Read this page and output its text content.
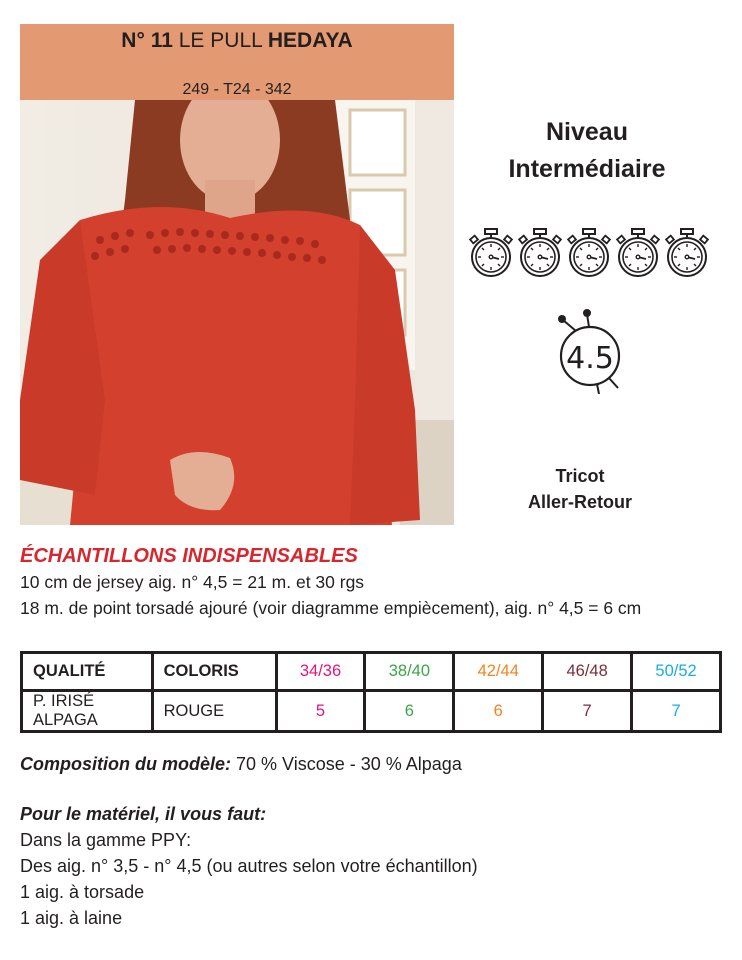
N° 11 LE PULL HEDAYA
249 - T24 - 342
Niveau
Intermédiaire
4.5
Tricot
Aller-Retour
ÉCHANTILLONS INDISPENSABLES
10 cm de jersey aig. n° 4,5 = 21 m. et 30 rgs
18 m. de point torsadé ajouré (voir diagramme empiècement), aig. n° 4,5 = 6 cm
QUALITÉ	COLORIS	34/36	38/40	42/44	46/48	50/52
P. IRISÉ ALPAGA	ROUGE	5	6	6	7	7
Composition du modèle: 70 % Viscose - 30 % Alpaga
Pour le matériel, il vous faut:
Dans la gamme PPY:
Des aig. n° 3,5 - n° 4,5 (ou autres selon votre échantillon)
1 aig. à torsade
1 aig. à laine
